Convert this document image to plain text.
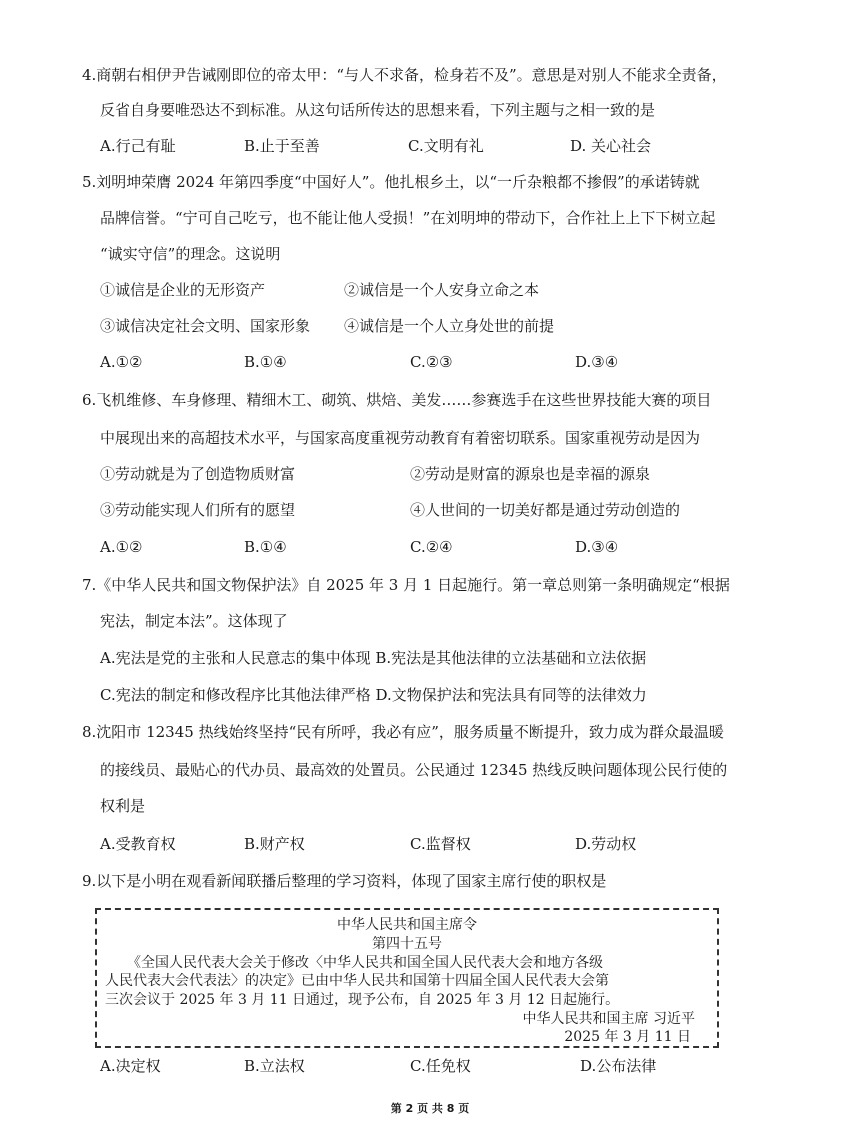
4.商朝右相伊尹告诫刚即位的帝太甲：“与人不求备，检身若不及”。意思是对别人不能求全责备，
反省自身要唯恐达不到标准。从这句话所传达的思想来看，下列主题与之相一致的是
A.行己有耻	B.止于至善	C.文明有礼	D. 关心社会
5.刘明坤荣膺 2024 年第四季度“中国好人”。他扎根乡土，以“一斤杂粮都不掺假”的承诺铸就
品牌信誉。“宁可自己吃亏，也不能让他人受损！”在刘明坤的带动下，合作社上上下下树立起
“诚实守信”的理念。这说明
①诚信是企业的无形资产	②诚信是一个人安身立命之本
③诚信决定社会文明、国家形象 ④诚信是一个人立身处世的前提
A.①②	B.①④	C.②③	D.③④
6.飞机维修、车身修理、精细木工、砌筑、烘焙、美发……参赛选手在这些世界技能大赛的项目
中展现出来的高超技术水平，与国家高度重视劳动教育有着密切联系。国家重视劳动是因为
①劳动就是为了创造物质财富	②劳动是财富的源泉也是幸福的源泉
③劳动能实现人们所有的愿望	④人世间的一切美好都是通过劳动创造的
A.①②	B.①④	C.②④	D.③④
7.《中华人民共和国文物保护法》自 2025 年 3 月 1 日起施行。第一章总则第一条明确规定“根据
宪法，制定本法”。这体现了
A.宪法是党的主张和人民意志的集中体现 B.宪法是其他法律的立法基础和立法依据
C.宪法的制定和修改程序比其他法律严格 D.文物保护法和宪法具有同等的法律效力
8.沈阳市 12345 热线始终坚持“民有所呼，我必有应”，服务质量不断提升，致力成为群众最温暖
的接线员、最贴心的代办员、最高效的处置员。公民通过 12345 热线反映问题体现公民行使的
权利是
A.受教育权	B.财产权	C.监督权	D.劳动权
9.以下是小明在观看新闻联播后整理的学习资料，体现了国家主席行使的职权是
中华人民共和国主席令
第四十五号
《全国人民代表大会关于修改〈中华人民共和国全国人民代表大会和地方各级
人民代表大会代表法〉的决定》已由中华人民共和国第十四届全国人民代表大会第
三次会议于 2025 年 3 月 11 日通过，现予公布，自 2025 年 3 月 12 日起施行。
中华人民共和国主席 习近平
2025 年 3 月 11 日
A.决定权	B.立法权	C.任免权	D.公布法律
第 2 页 共 8 页
